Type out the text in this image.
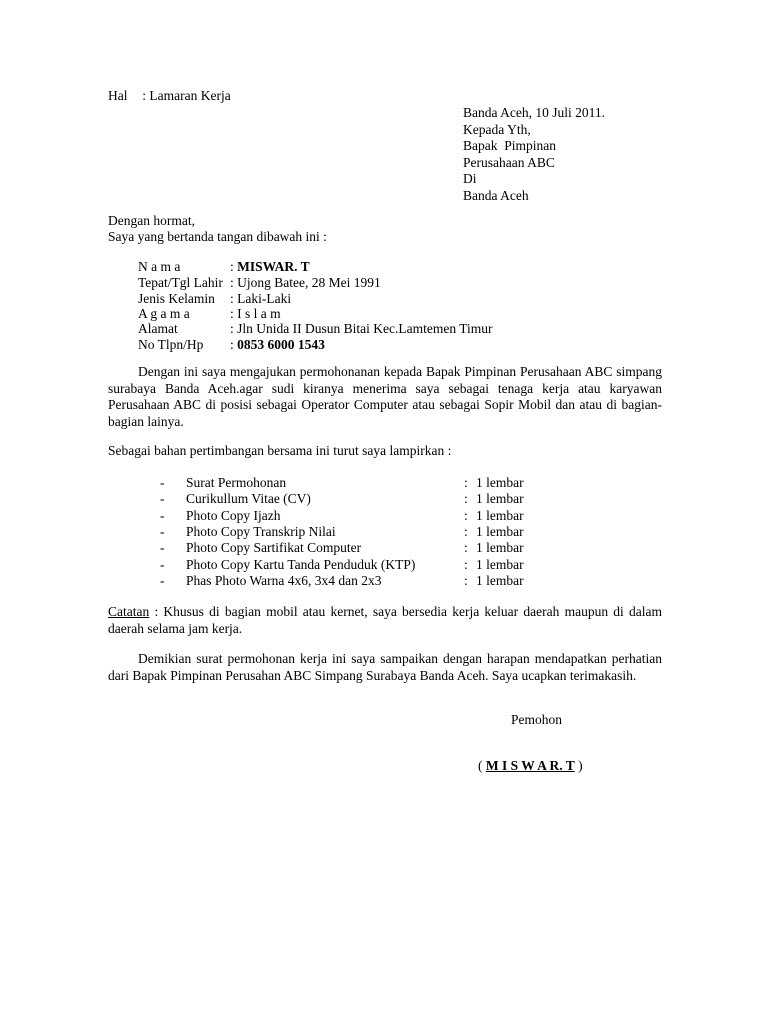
Hal : Lamaran Kerja
Banda Aceh, 10 Juli 2011.
Kepada Yth,
Bapak  Pimpinan
Perusahaan ABC
Di
Banda Aceh
Dengan hormat,
Saya yang bertanda tangan dibawah ini :
N a m a	: MISWAR. T
Tepat/Tgl Lahir : Ujong Batee, 28 Mei 1991
Jenis Kelamin : Laki-Laki
A g a m a	: I s l a m
Alamat	: Jln Unida II Dusun Bitai Kec.Lamtemen Timur
No Tlpn/Hp : 0853 6000 1543
Dengan ini saya mengajukan permohonanan kepada Bapak Pimpinan Perusahaan ABC simpang surabaya Banda Aceh.agar sudi kiranya menerima saya sebagai tenaga kerja atau karyawan Perusahaan ABC di posisi sebagai Operator Computer atau sebagai Sopir Mobil dan atau di bagian-bagian lainya.
Sebagai bahan pertimbangan bersama ini turut saya lampirkan :
- Surat Permohonan	: 1 lembar
- Curikullum Vitae (CV)	: 1 lembar
- Photo Copy Ijazh	: 1 lembar
- Photo Copy Transkrip Nilai	: 1 lembar
- Photo Copy Sartifikat Computer	: 1 lembar
- Photo Copy Kartu Tanda Penduduk (KTP)	: 1 lembar
- Phas Photo Warna 4x6, 3x4 dan 2x3	: 1 lembar
Catatan : Khusus di bagian mobil atau kernet, saya bersedia kerja keluar daerah maupun di dalam daerah selama jam kerja.
Demikian surat permohonan kerja ini saya sampaikan dengan harapan mendapatkan perhatian dari Bapak Pimpinan Perusahan ABC Simpang Surabaya Banda Aceh. Saya ucapkan terimakasih.
Pemohon
( M I S W A R. T )
